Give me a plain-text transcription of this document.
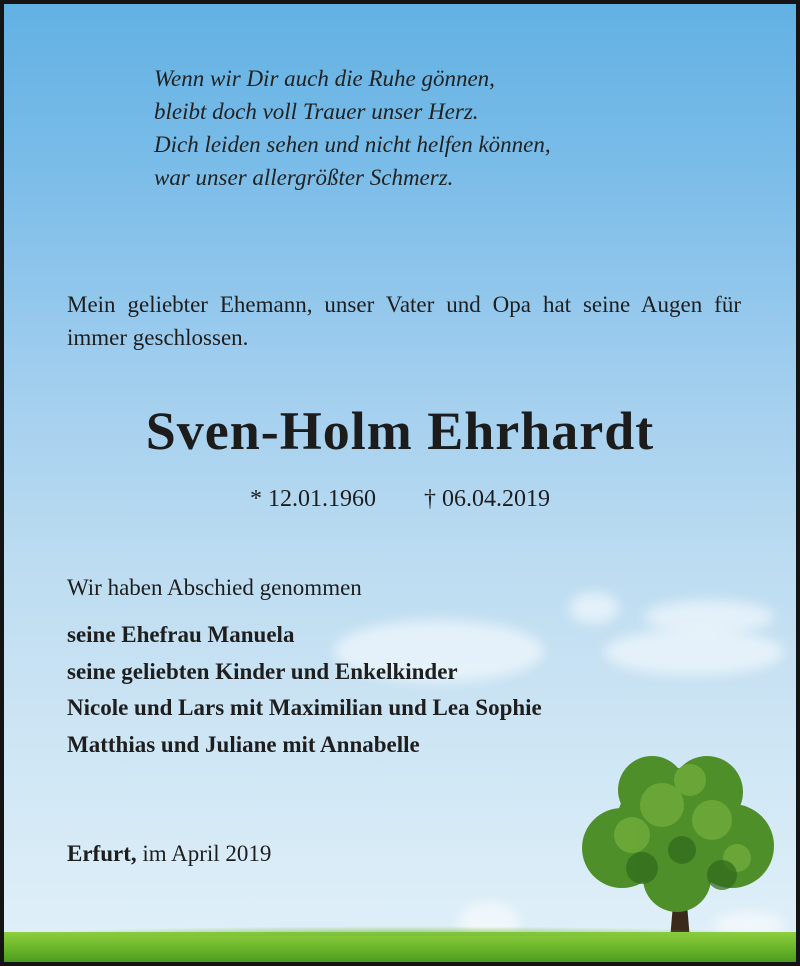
Wenn wir Dir auch die Ruhe gönnen,
bleibt doch voll Trauer unser Herz.
Dich leiden sehen und nicht helfen können,
war unser allergrößter Schmerz.

Mein geliebter Ehemann, unser Vater und Opa hat seine Augen für immer geschlossen.

Sven-Holm Ehrhardt
* 12.01.1960 † 06.04.2019

Wir haben Abschied genommen

seine Ehefrau Manuela
seine geliebten Kinder und Enkelkinder
Nicole und Lars mit Maximilian und Lea Sophie
Matthias und Juliane mit Annabelle

Erfurt, im April 2019
